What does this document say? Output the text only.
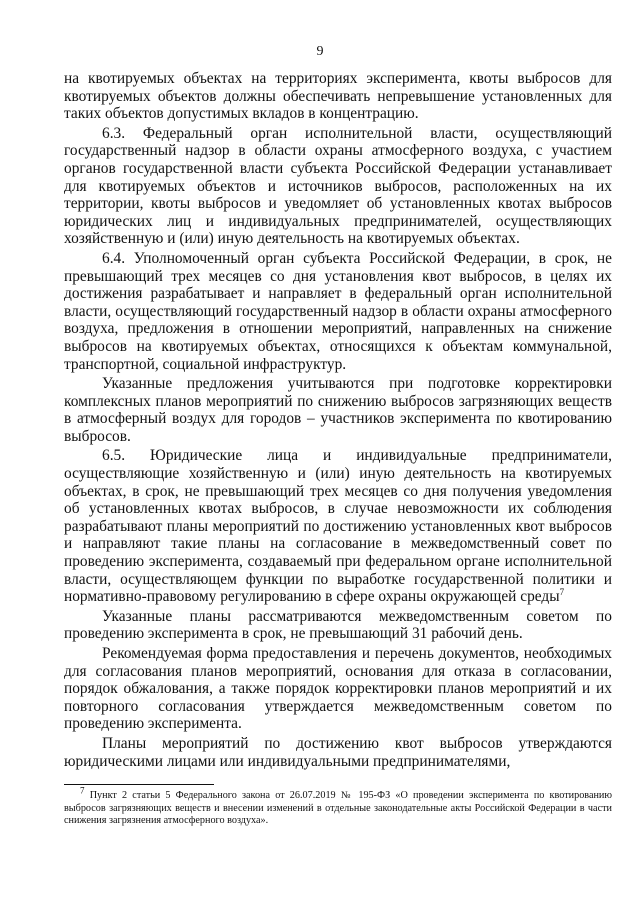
9

на квотируемых объектах на территориях эксперимента, квоты выбросов для квотируемых объектов должны обеспечивать непревышение установленных для таких объектов допустимых вкладов в концентрацию.

6.3. Федеральный орган исполнительной власти, осуществляющий государственный надзор в области охраны атмосферного воздуха, с участием органов государственной власти субъекта Российской Федерации устанавливает для квотируемых объектов и источников выбросов, расположенных на их территории, квоты выбросов и уведомляет об установленных квотах выбросов юридических лиц и индивидуальных предпринимателей, осуществляющих хозяйственную и (или) иную деятельность на квотируемых объектах.

6.4. Уполномоченный орган субъекта Российской Федерации, в срок, не превышающий трех месяцев со дня установления квот выбросов, в целях их достижения разрабатывает и направляет в федеральный орган исполнительной власти, осуществляющий государственный надзор в области охраны атмосферного воздуха, предложения в отношении мероприятий, направленных на снижение выбросов на квотируемых объектах, относящихся к объектам коммунальной, транспортной, социальной инфраструктур.

Указанные предложения учитываются при подготовке корректировки комплексных планов мероприятий по снижению выбросов загрязняющих веществ в атмосферный воздух для городов – участников эксперимента по квотированию выбросов.

6.5. Юридические лица и индивидуальные предприниматели, осуществляющие хозяйственную и (или) иную деятельность на квотируемых объектах, в срок, не превышающий трех месяцев со дня получения уведомления об установленных квотах выбросов, в случае невозможности их соблюдения разрабатывают планы мероприятий по достижению установленных квот выбросов и направляют такие планы на согласование в межведомственный совет по проведению эксперимента, создаваемый при федеральном органе исполнительной власти, осуществляющем функции по выработке государственной политики и нормативно-правовому регулированию в сфере охраны окружающей среды$^7$

Указанные планы рассматриваются межведомственным советом по проведению эксперимента в срок, не превышающий 31 рабочий день.

Рекомендуемая форма предоставления и перечень документов, необходимых для согласования планов мероприятий, основания для отказа в согласовании, порядок обжалования, а также порядок корректировки планов мероприятий и их повторного согласования утверждается межведомственным советом по проведению эксперимента.

Планы мероприятий по достижению квот выбросов утверждаются юридическими лицами или индивидуальными предпринимателями,

$^7$ Пункт 2 статьи 5 Федерального закона от 26.07.2019 № 195-ФЗ «О проведении эксперимента по квотированию выбросов загрязняющих веществ и внесении изменений в отдельные законодательные акты Российской Федерации в части снижения загрязнения атмосферного воздуха».
